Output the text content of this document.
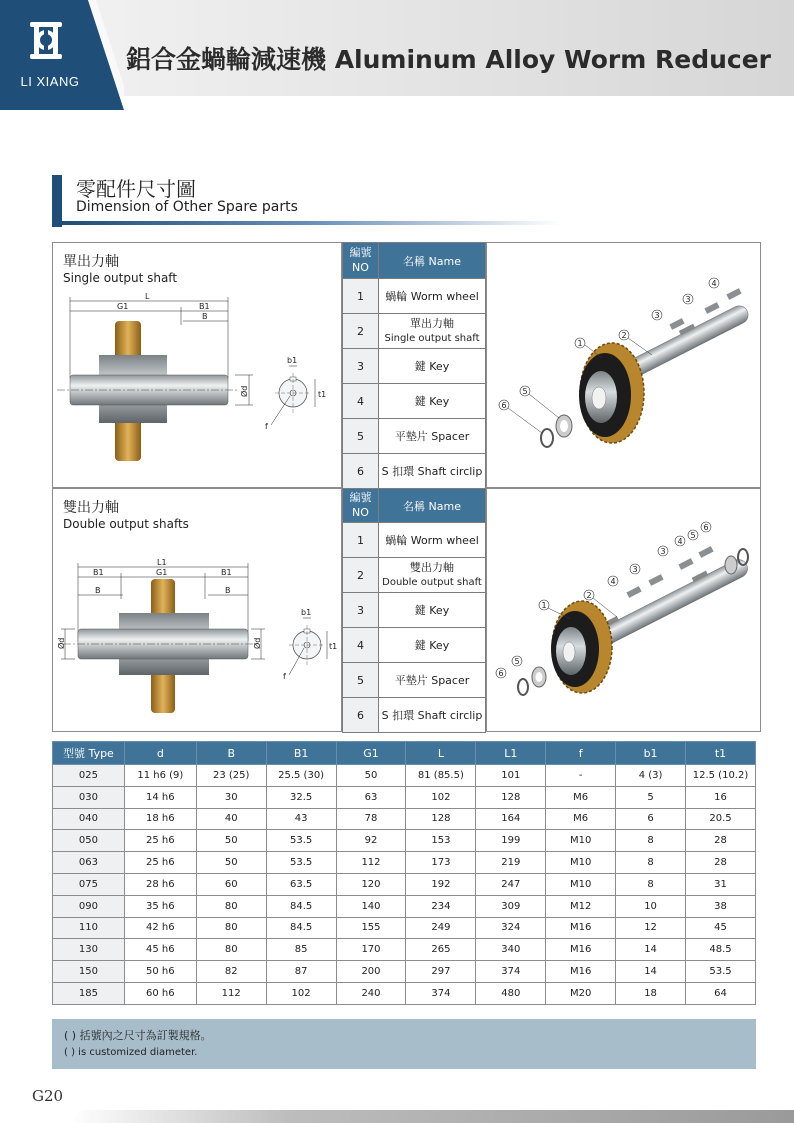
LI XIANG
鋁合金蝸輪減速機 Aluminum Alloy Worm Reducer
零配件尺寸圖
Dimension of Other Spare parts
單出力軸
Single output shaft
L
G1	B1
B
Ød
b1
t1
f
編號
NO	名稱 Name
1	蝸輪 Worm wheel
2	單出力軸
Single output shaft
3	鍵 Key
4	鍵 Key
5	平墊片 Spacer
6	S 扣環 Shaft circlip
1
2
3
3
4
5
6
雙出力軸
Double output shafts
L1
B1	G1	B1
B	B
Ød	Ød
b1
t1
f
編號
NO	名稱 Name
1	蝸輪 Worm wheel
2	雙出力軸
Double output shaft
3	鍵 Key
4	鍵 Key
5	平墊片 Spacer
6	S 扣環 Shaft circlip
1
2
4
3
3
4
5
6
5
6
型號 Type	d	B	B1	G1	L	L1	f	b1	t1
025	11 h6 (9)	23 (25)	25.5 (30)	50	81 (85.5)	101	-	4 (3)	12.5 (10.2)
030	14 h6	30	32.5	63	102	128	M6	5	16
040	18 h6	40	43	78	128	164	M6	6	20.5
050	25 h6	50	53.5	92	153	199	M10	8	28
063	25 h6	50	53.5	112	173	219	M10	8	28
075	28 h6	60	63.5	120	192	247	M10	8	31
090	35 h6	80	84.5	140	234	309	M12	10	38
110	42 h6	80	84.5	155	249	324	M16	12	45
130	45 h6	80	85	170	265	340	M16	14	48.5
150	50 h6	82	87	200	297	374	M16	14	53.5
185	60 h6	112	102	240	374	480	M20	18	64
( ) 括號內之尺寸為訂製規格。
( ) is customized diameter.
G20
